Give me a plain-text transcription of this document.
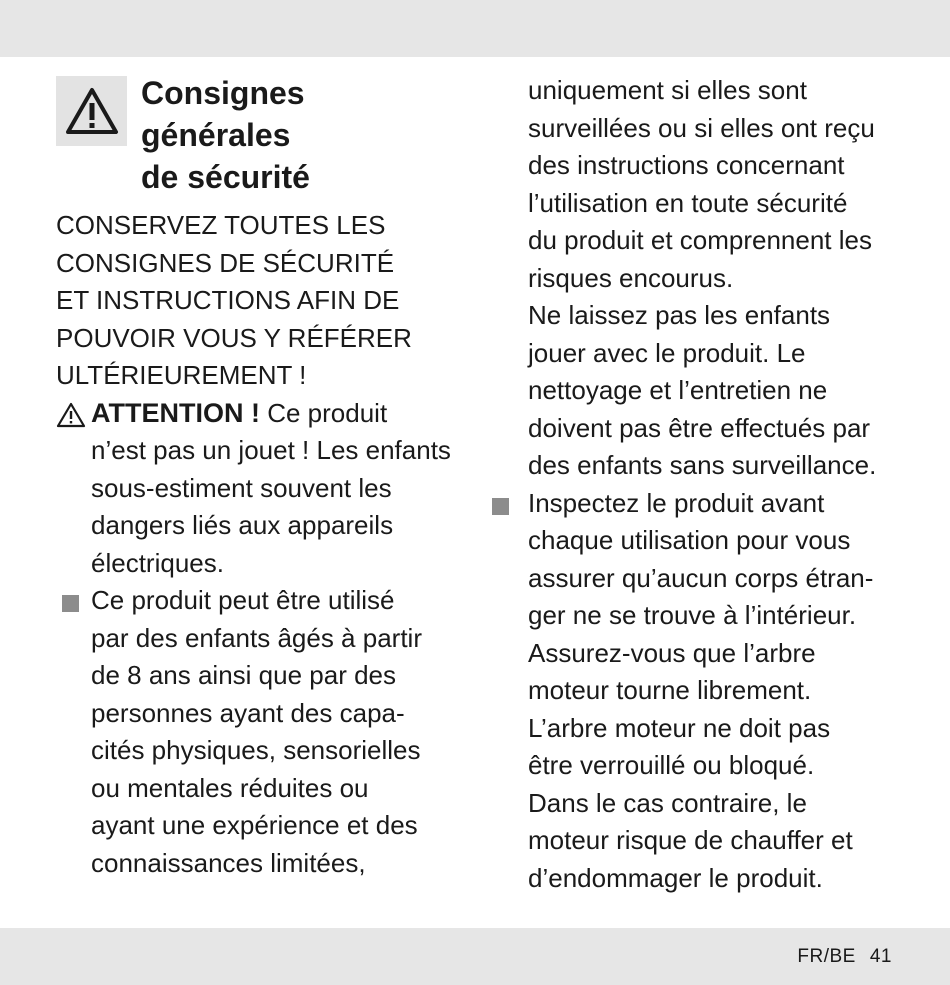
Consignes
générales
de sécurité

CONSERVEZ TOUTES LES
CONSIGNES DE SÉCURITÉ
ET INSTRUCTIONS AFIN DE
POUVOIR VOUS Y RÉFÉRER
ULTÉRIEUREMENT !

ATTENTION ! Ce produit
n’est pas un jouet ! Les enfants
sous-estiment souvent les
dangers liés aux appareils
électriques.
Ce produit peut être utilisé
par des enfants âgés à partir
de 8 ans ainsi que par des
personnes ayant des capa-
cités physiques, sensorielles
ou mentales réduites ou
ayant une expérience et des
connaissances limitées,
uniquement si elles sont
surveillées ou si elles ont reçu
des instructions concernant
l’utilisation en toute sécurité
du produit et comprennent les
risques encourus.
Ne laissez pas les enfants
jouer avec le produit. Le
nettoyage et l’entretien ne
doivent pas être effectués par
des enfants sans surveillance.
Inspectez le produit avant
chaque utilisation pour vous
assurer qu’aucun corps étran-
ger ne se trouve à l’intérieur.
Assurez-vous que l’arbre
moteur tourne librement.
L’arbre moteur ne doit pas
être verrouillé ou bloqué.
Dans le cas contraire, le
moteur risque de chauffer et
d’endommager le produit.
FR/BE 41
